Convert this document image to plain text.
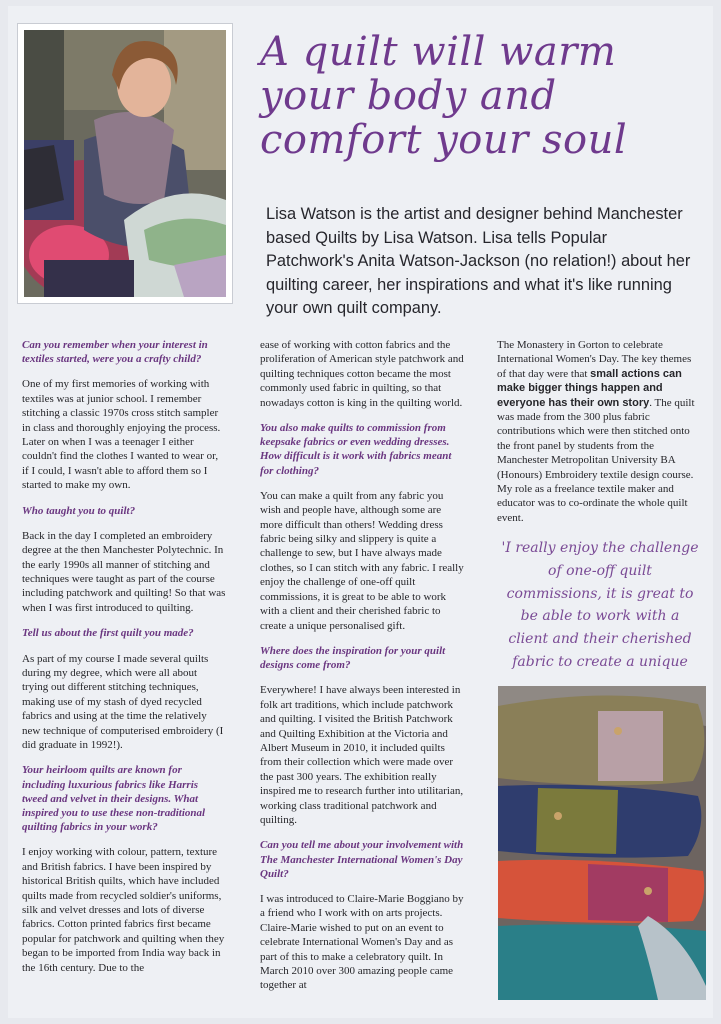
A quilt will warm your body and comfort your soul

Lisa Watson is the artist and designer behind Manchester based Quilts by Lisa Watson. Lisa tells Popular Patchwork's Anita Watson-Jackson (no relation!) about her quilting career, her inspirations and what it's like running your own quilt company.

Can you remember when your interest in textiles started, were you a crafty child?

One of my first memories of working with textiles was at junior school. I remember stitching a classic 1970s cross stitch sampler in class and thoroughly enjoying the process. Later on when I was a teenager I either couldn't find the clothes I wanted to wear or, if I could, I wasn't able to afford them so I started to make my own.

Who taught you to quilt?

Back in the day I completed an embroidery degree at the then Manchester Polytechnic. In the early 1990s all manner of stitching and techniques were taught as part of the course including patchwork and quilting! So that was when I was first introduced to quilting.

Tell us about the first quilt you made?

As part of my course I made several quilts during my degree, which were all about trying out different stitching techniques, making use of my stash of dyed recycled fabrics and using at the time the relatively new technique of computerised embroidery (I did graduate in 1992!).

Your heirloom quilts are known for including luxurious fabrics like Harris tweed and velvet in their designs. What inspired you to use these non-traditional quilting fabrics in your work?

I enjoy working with colour, pattern, texture and British fabrics. I have been inspired by historical British quilts, which have included quilts made from recycled soldier's uniforms, silk and velvet dresses and lots of diverse fabrics. Cotton printed fabrics first became popular for patchwork and quilting when they began to be imported from India way back in the 16th century. Due to the

ease of working with cotton fabrics and the proliferation of American style patchwork and quilting techniques cotton became the most commonly used fabric in quilting, so that nowadays cotton is king in the quilting world.

You also make quilts to commission from keepsake fabrics or even wedding dresses. How difficult is it work with fabrics meant for clothing?

You can make a quilt from any fabric you wish and people have, although some are more difficult than others! Wedding dress fabric being silky and slippery is quite a challenge to sew, but I have always made clothes, so I can stitch with any fabric. I really enjoy the challenge of one-off quilt commissions, it is great to be able to work with a client and their cherished fabric to create a unique personalised gift.

Where does the inspiration for your quilt designs come from?

Everywhere! I have always been interested in folk art traditions, which include patchwork and quilting. I visited the British Patchwork and Quilting Exhibition at the Victoria and Albert Museum in 2010, it included quilts from their collection which were made over the past 300 years. The exhibition really inspired me to research further into utilitarian, working class traditional patchwork and quilting.

Can you tell me about your involvement with The Manchester International Women's Day Quilt?

I was introduced to Claire-Marie Boggiano by a friend who I work with on arts projects. Claire-Marie wished to put on an event to celebrate International Women's Day and as part of this to make a celebratory quilt. In March 2010 over 300 amazing people came together at

The Monastery in Gorton to celebrate International Women's Day. The key themes of that day were that small actions can make bigger things happen and everyone has their own story. The quilt was made from the 300 plus fabric contributions which were then stitched onto the front panel by students from the Manchester Metropolitan University BA (Honours) Embroidery textile design course. My role as a freelance textile maker and educator was to co-ordinate the whole quilt event.

'I really enjoy the challenge of one-off quilt commissions, it is great to be able to work with a client and their cherished fabric to create a unique
